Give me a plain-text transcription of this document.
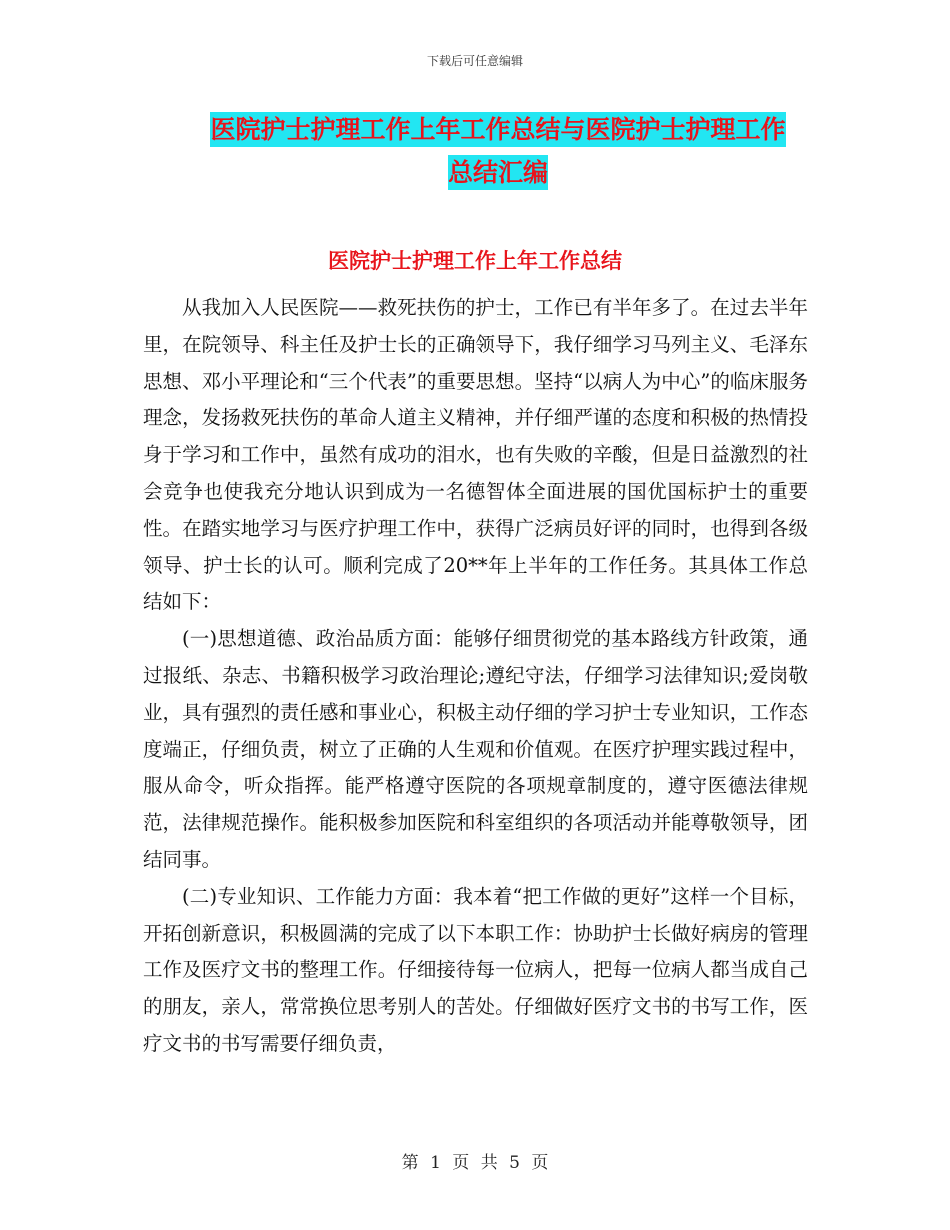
下载后可任意编辑
医院护士护理工作上年工作总结与医院护士护理工作
总结汇编
医院护士护理工作上年工作总结

从我加入人民医院——救死扶伤的护士，工作已有半年多了。在过去半年里，在院领导、科主任及护士长的正确领导下，我仔细学习马列主义、毛泽东思想、邓小平理论和“三个代表”的重要思想。坚持“以病人为中心”的临床服务理念，发扬救死扶伤的革命人道主义精神，并仔细严谨的态度和积极的热情投身于学习和工作中，虽然有成功的泪水，也有失败的辛酸，但是日益激烈的社会竞争也使我充分地认识到成为一名德智体全面进展的国优国标护士的重要性。在踏实地学习与医疗护理工作中，获得广泛病员好评的同时，也得到各级领导、护士长的认可。顺利完成了20**年上半年的工作任务。其具体工作总结如下：

(一)思想道德、政治品质方面：能够仔细贯彻党的基本路线方针政策，通过报纸、杂志、书籍积极学习政治理论;遵纪守法，仔细学习法律知识;爱岗敬业，具有强烈的责任感和事业心，积极主动仔细的学习护士专业知识，工作态度端正，仔细负责，树立了正确的人生观和价值观。在医疗护理实践过程中，服从命令，听众指挥。能严格遵守医院的各项规章制度的，遵守医德法律规范，法律规范操作。能积极参加医院和科室组织的各项活动并能尊敬领导，团结同事。

(二)专业知识、工作能力方面：我本着“把工作做的更好”这样一个目标，开拓创新意识，积极圆满的完成了以下本职工作：协助护士长做好病房的管理工作及医疗文书的整理工作。仔细接待每一位病人，把每一位病人都当成自己的朋友，亲人，常常换位思考别人的苦处。仔细做好医疗文书的书写工作，医疗文书的书写需要仔细负责，

第 1 页 共 5 页
